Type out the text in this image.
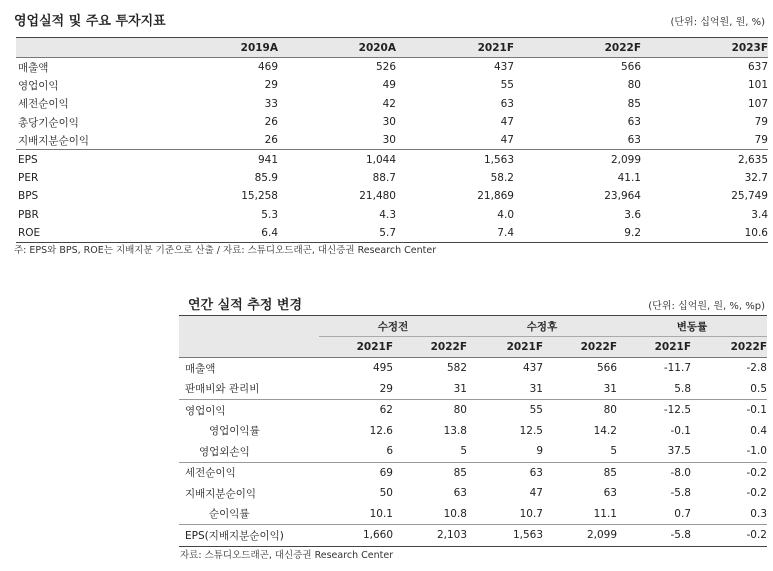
영업실적 및 주요 투자지표	(단위: 십억원, 원, %)
	2019A	2020A	2021F	2022F	2023F
매출액	469	526	437	566	637
영업이익	29	49	55	80	101
세전순이익	33	42	63	85	107
총당기순이익	26	30	47	63	79
지배지분순이익	26	30	47	63	79
EPS	941	1,044	1,563	2,099	2,635
PER	85.9	88.7	58.2	41.1	32.7
BPS	15,258	21,480	21,869	23,964	25,749
PBR	5.3	4.3	4.0	3.6	3.4
ROE	6.4	5.7	7.4	9.2	10.6
주: EPS와 BPS, ROE는 지배지분 기준으로 산출 / 자료: 스튜디오드래곤, 대신증권 Research Center
연간 실적 추정 변경	(단위: 십억원, 원, %, %p)
	수정전		수정후		변동률	
	2021F	2022F	2021F	2022F	2021F	2022F
매출액	495	582	437	566	-11.7	-2.8
판매비와 관리비	29	31	31	31	5.8	0.5
영업이익	62	80	55	80	-12.5	-0.1
영업이익률	12.6	13.8	12.5	14.2	-0.1	0.4
영업외손익	6	5	9	5	37.5	-1.0
세전순이익	69	85	63	85	-8.0	-0.2
지배지분순이익	50	63	47	63	-5.8	-0.2
순이익률	10.1	10.8	10.7	11.1	0.7	0.3
EPS(지배지분순이익)	1,660	2,103	1,563	2,099	-5.8	-0.2
자료: 스튜디오드래곤, 대신증권 Research Center
